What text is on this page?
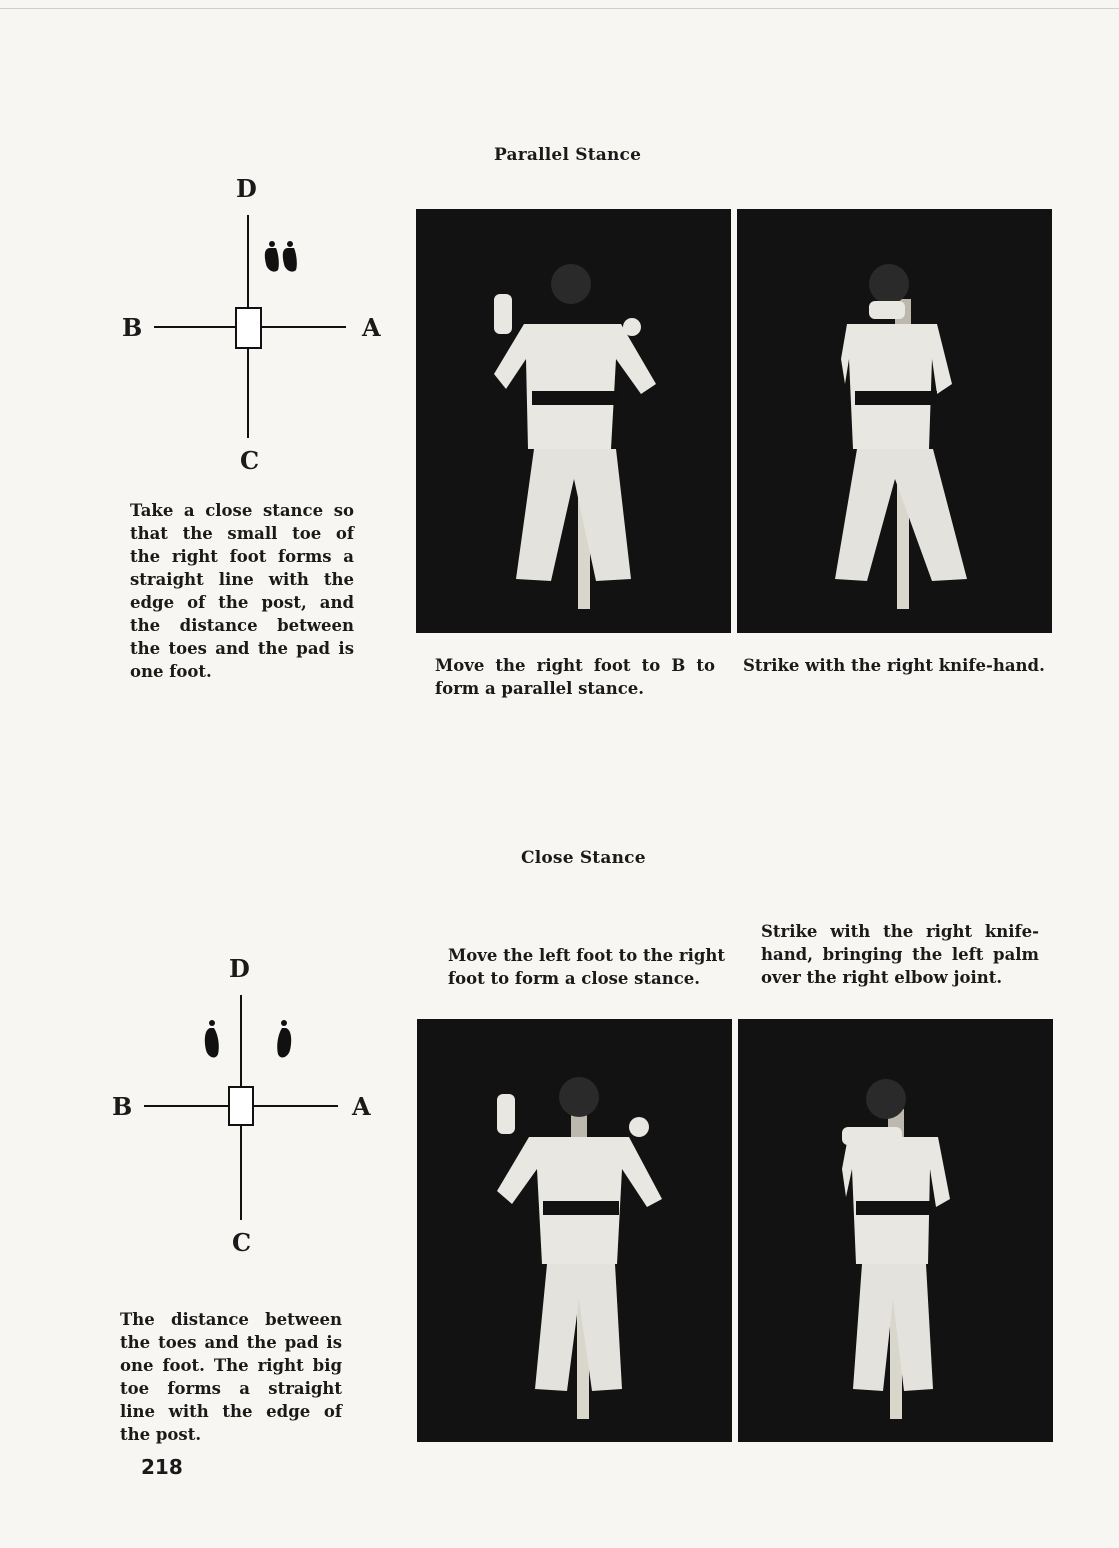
Parallel Stance
D
B	A
C
Take a close stance so that the small toe of the right foot forms a straight line with the edge of the post, and the distance between the toes and the pad is one foot.	Move the right foot to B to form a parallel stance.
Strike with the right knife-hand.
Close Stance
Move the left foot to the right foot to form a close stance.
Strike with the right knife-hand, bringing the left palm over the right elbow joint.
D
B	A
C
The distance between the toes and the pad is one foot. The right big toe forms a straight line with the edge of the post.
218
